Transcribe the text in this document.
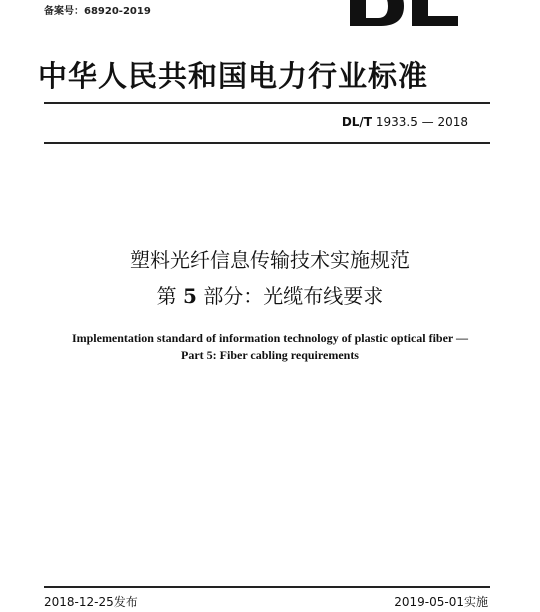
备案号：68920-2019
中华人民共和国电力行业标准
DL/T 1933.5 — 2018
塑料光纤信息传输技术实施规范
第 5 部分：光缆布线要求
Implementation standard of information technology of plastic optical fiber —
Part 5: Fiber cabling requirements
2018-12-25发布	2019-05-01实施
